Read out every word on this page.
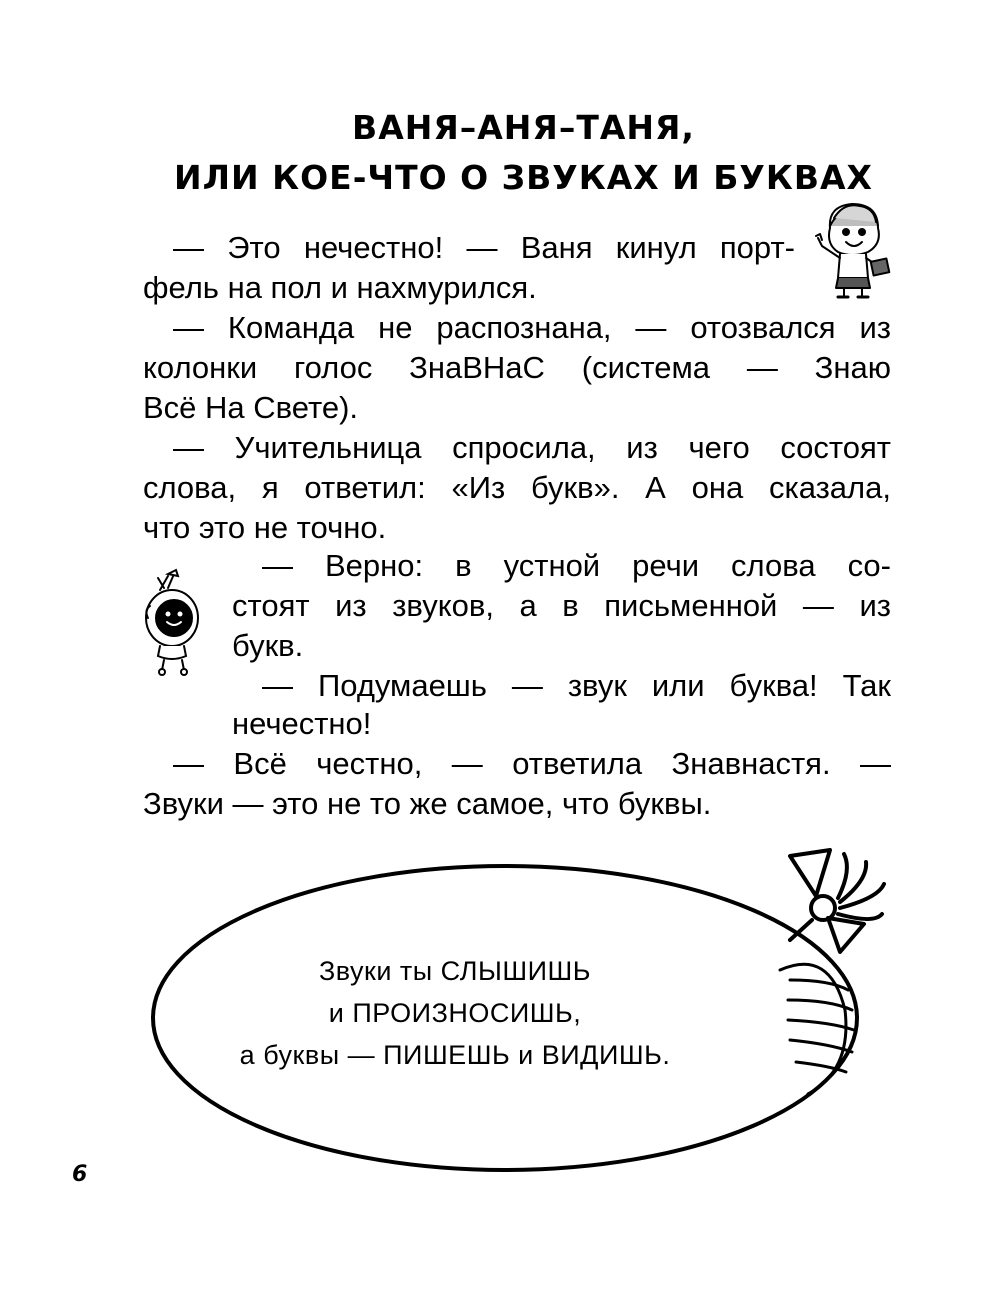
ВАНЯ–АНЯ–ТАНЯ,
ИЛИ КОЕ-ЧТО О ЗВУКАХ И БУКВАХ
— Это нечестно! — Ваня кинул порт-
фель на пол и нахмурился.
— Команда не распознана, — отозвался из
колонки голос ЗнаВНаС (система — Знаю
Всё На Свете).
— Учительница спросила, из чего состоят
слова, я ответил: «Из букв». А она сказала,
что это не точно.
— Верно: в устной речи слова со-
стоят из звуков, а в письменной — из
букв.
— Подумаешь — звук или буква! Так
нечестно!
— Всё честно, — ответила Знавнастя. —
Звуки — это не то же самое, что буквы.
Звуки ты СЛЫШИШЬ
и ПРОИЗНОСИШЬ,
а буквы — ПИШЕШЬ и ВИДИШЬ.
6
